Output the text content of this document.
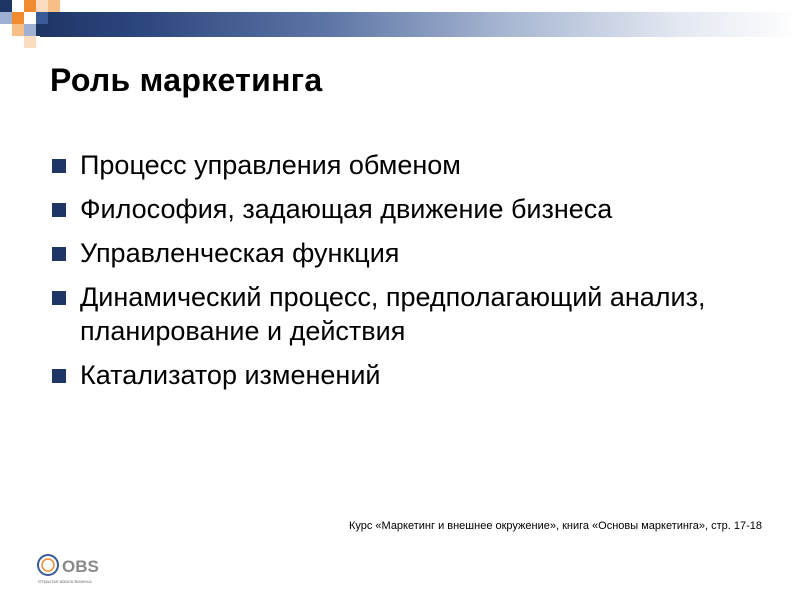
Роль маркетинга
Процесс управления обменом
Философия, задающая движение бизнеса
Управленческая функция
Динамический процесс, предполагающий анализ, планирование и действия
Катализатор изменений
Курс «Маркетинг и внешнее окружение», книга «Основы маркетинга», стр. 17-18
OBS
Открытая Школа Бизнеса
